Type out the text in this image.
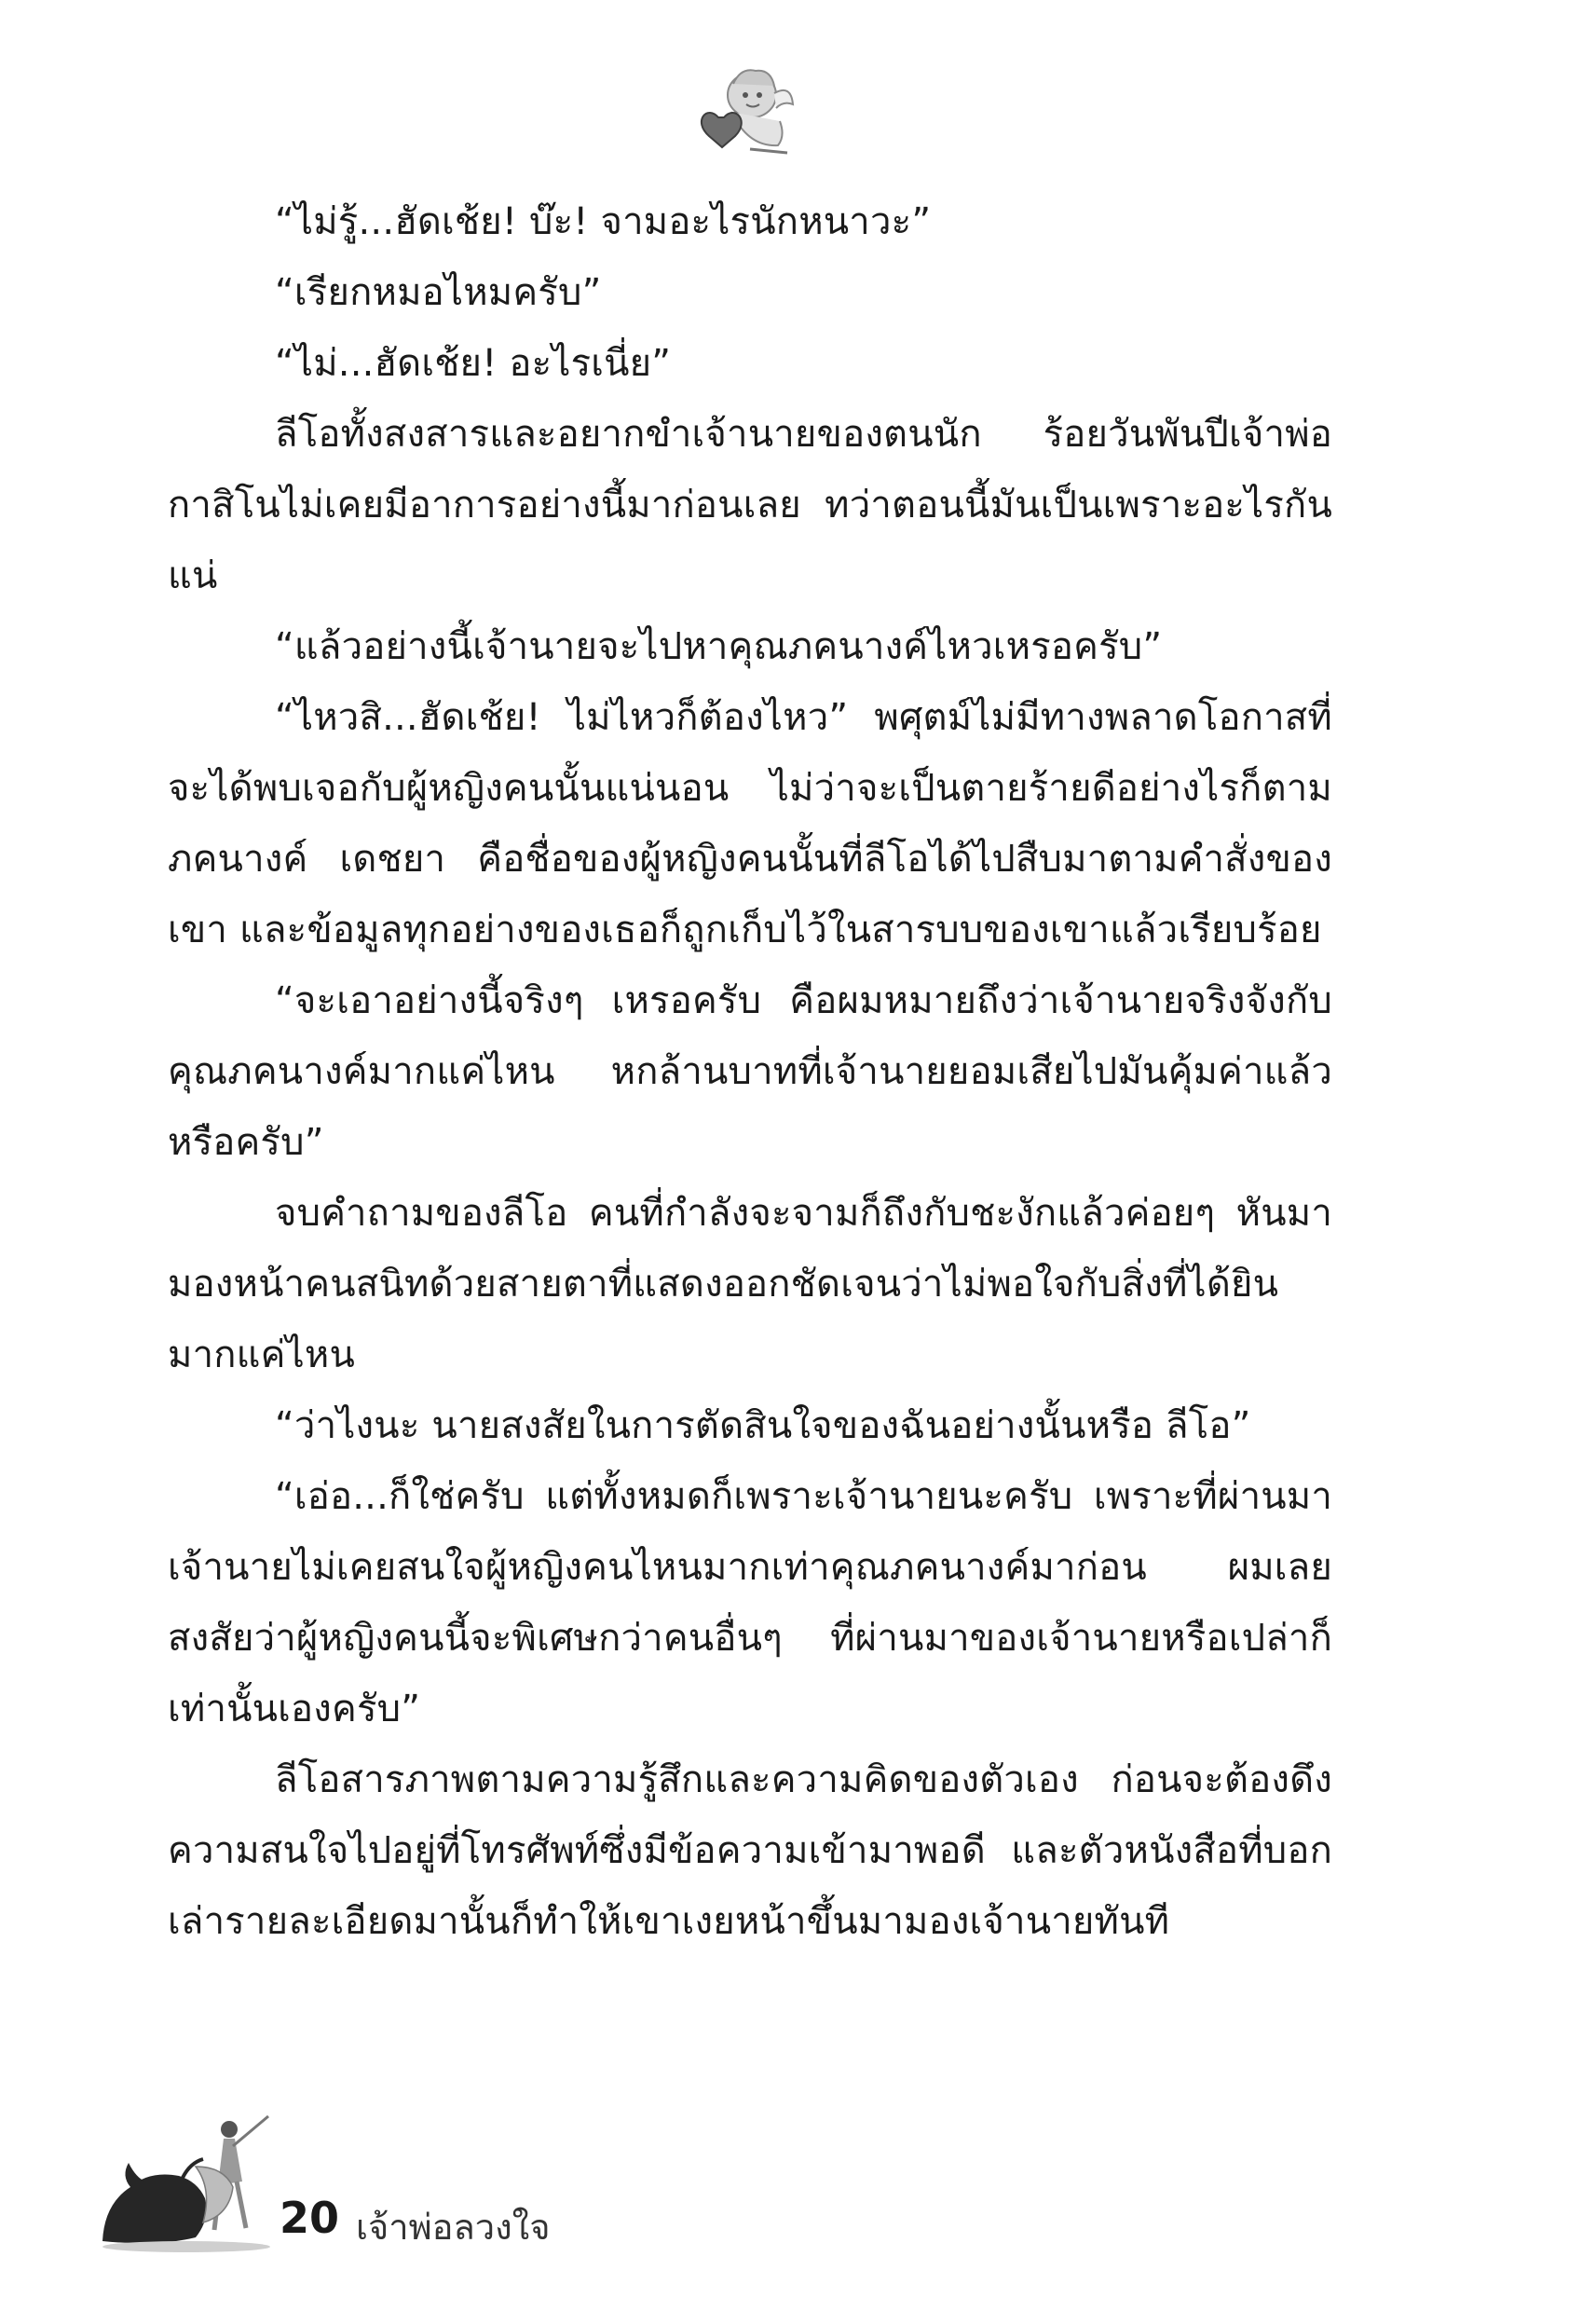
“ไม่รู้...ฮัดเช้ย! บ๊ะ! จามอะไรนักหนาวะ”

“เรียกหมอไหมครับ”

“ไม่...ฮัดเช้ย! อะไรเนี่ย”

ลีโอทั้งสงสารและอยากขำเจ้านายของตนนัก ร้อยวันพันปีเจ้าพ่อกาสิโนไม่เคยมีอาการอย่างนี้มาก่อนเลย ทว่าตอนนี้มันเป็นเพราะอะไรกันแน่

“แล้วอย่างนี้เจ้านายจะไปหาคุณภคนางค์ไหวเหรอครับ”

“ไหวสิ...ฮัดเช้ย! ไม่ไหวก็ต้องไหว” พศุตม์ไม่มีทางพลาดโอกาสที่จะได้พบเจอกับผู้หญิงคนนั้นแน่นอน ไม่ว่าจะเป็นตายร้ายดีอย่างไรก็ตาม ภคนางค์ เดชยา คือชื่อของผู้หญิงคนนั้นที่ลีโอได้ไปสืบมาตามคำสั่งของเขา และข้อมูลทุกอย่างของเธอก็ถูกเก็บไว้ในสารบบของเขาแล้วเรียบร้อย

“จะเอาอย่างนี้จริงๆ เหรอครับ คือผมหมายถึงว่าเจ้านายจริงจังกับคุณภคนางค์มากแค่ไหน หกล้านบาทที่เจ้านายยอมเสียไปมันคุ้มค่าแล้วหรือครับ”

จบคำถามของลีโอ คนที่กำลังจะจามก็ถึงกับชะงักแล้วค่อยๆ หันมามองหน้าคนสนิทด้วยสายตาที่แสดงออกชัดเจนว่าไม่พอใจกับสิ่งที่ได้ยินมากแค่ไหน

“ว่าไงนะ นายสงสัยในการตัดสินใจของฉันอย่างนั้นหรือ ลีโอ”

“เอ่อ...ก็ใช่ครับ แต่ทั้งหมดก็เพราะเจ้านายนะครับ เพราะที่ผ่านมาเจ้านายไม่เคยสนใจผู้หญิงคนไหนมากเท่าคุณภคนางค์มาก่อน ผมเลยสงสัยว่าผู้หญิงคนนี้จะพิเศษกว่าคนอื่นๆ ที่ผ่านมาของเจ้านายหรือเปล่าก็เท่านั้นเองครับ”

ลีโอสารภาพตามความรู้สึกและความคิดของตัวเอง ก่อนจะต้องดึงความสนใจไปอยู่ที่โทรศัพท์ซึ่งมีข้อความเข้ามาพอดี และตัวหนังสือที่บอกเล่ารายละเอียดมานั้นก็ทำให้เขาเงยหน้าขึ้นมามองเจ้านายทันที

20 เจ้าพ่อลวงใจ
